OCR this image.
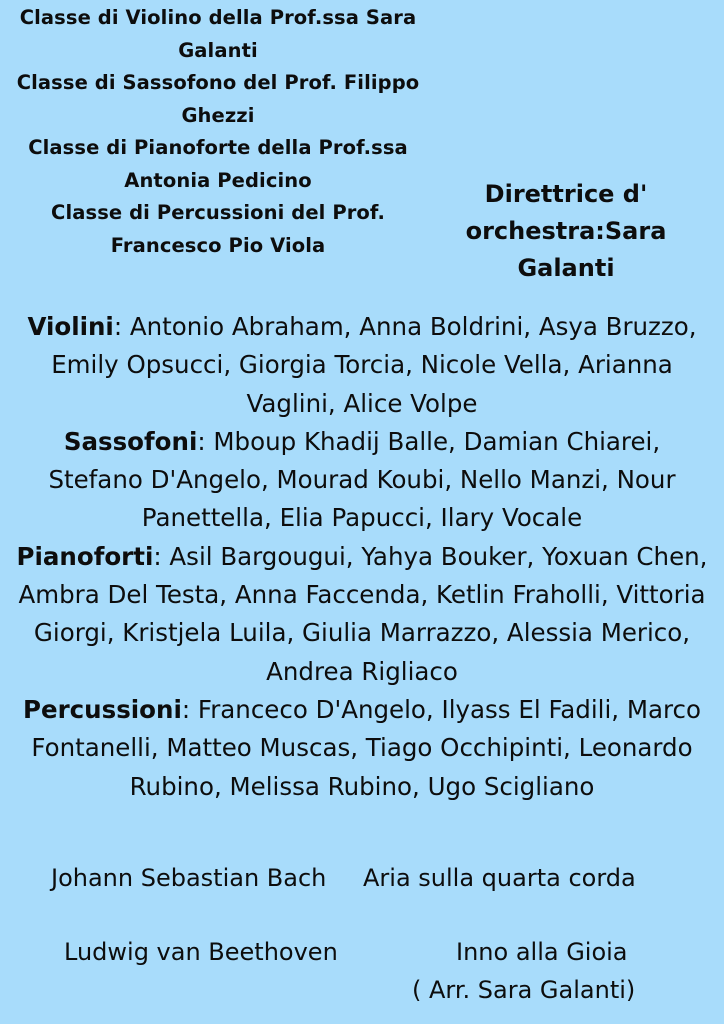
Classe di Violino della Prof.ssa Sara
Galanti
Classe di Sassofono del Prof. Filippo
Ghezzi
Classe di Pianoforte della Prof.ssa
Antonia Pedicino
Classe di Percussioni del Prof.
Francesco Pio Viola
Direttrice d'
orchestra:Sara
Galanti
Violini: Antonio Abraham, Anna Boldrini, Asya Bruzzo,
Emily Opsucci, Giorgia Torcia, Nicole Vella, Arianna
Vaglini, Alice Volpe
Sassofoni: Mboup Khadij Balle, Damian Chiarei,
Stefano D'Angelo, Mourad Koubi, Nello Manzi, Nour
Panettella, Elia Papucci, Ilary Vocale
Pianoforti: Asil Bargougui, Yahya Bouker, Yoxuan Chen,
Ambra Del Testa, Anna Faccenda, Ketlin Fraholli, Vittoria
Giorgi, Kristjela Luila, Giulia Marrazzo, Alessia Merico,
Andrea Rigliaco
Percussioni: Franceco D'Angelo, Ilyass El Fadili, Marco
Fontanelli, Matteo Muscas, Tiago Occhipinti, Leonardo
Rubino, Melissa Rubino, Ugo Scigliano
Johann Sebastian Bach Aria sulla quarta corda
Ludwig van Beethoven	Inno alla Gioia
( Arr. Sara Galanti)
